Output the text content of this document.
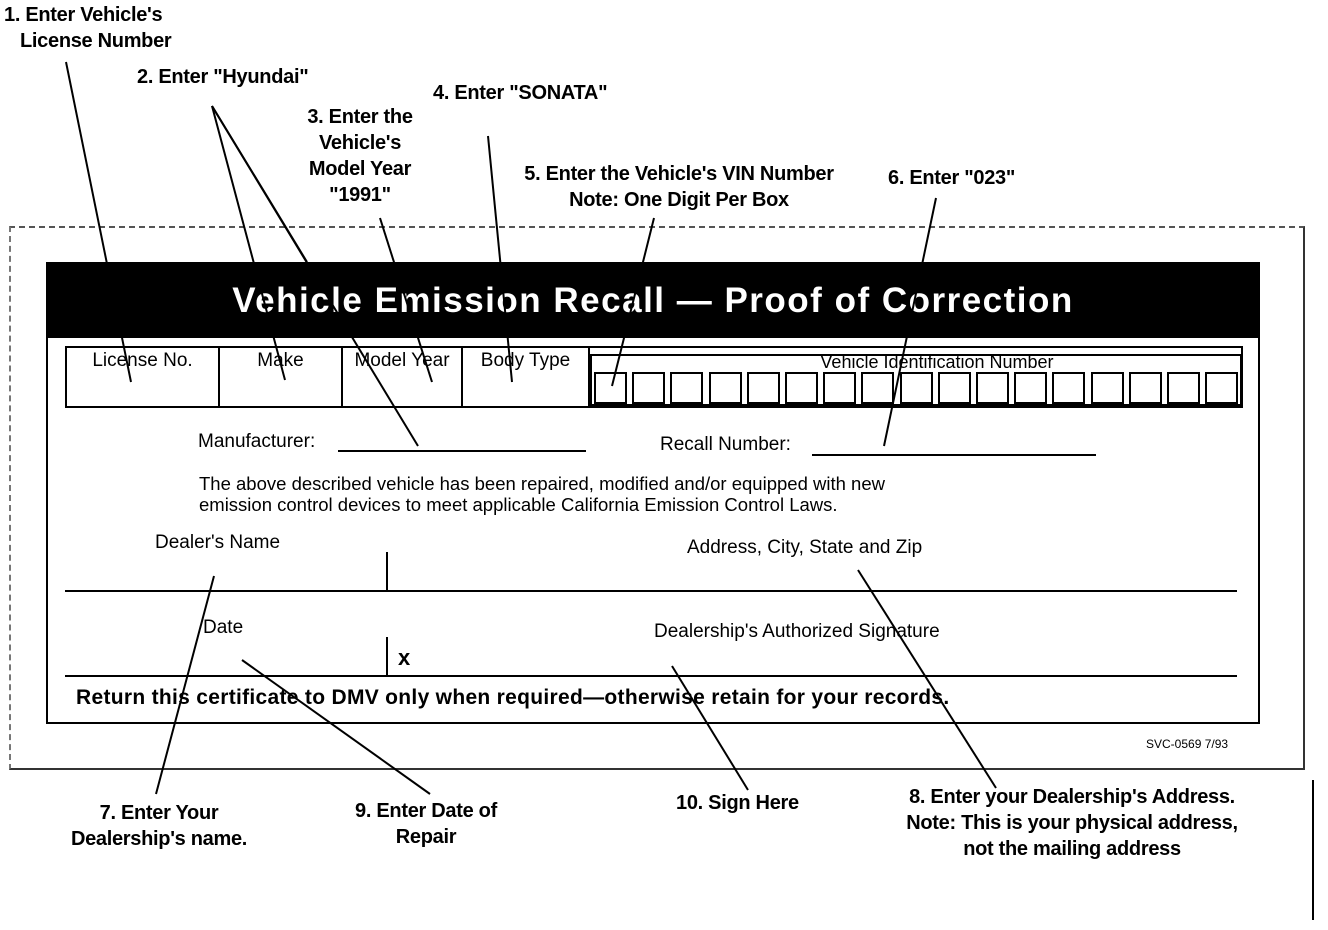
Vehicle Emission Recall — Proof of Correction
License No.	Make	Model Year	Body Type	Vehicle Identification Number
Manufacturer:	Recall Number:
The above described vehicle has been repaired, modified and/or equipped with new
emission control devices to meet applicable California Emission Control Laws.
Dealer's Name	Address, City, State and Zip
Date	Dealership's Authorized Signature
x
Return this certificate to DMV only when required—otherwise retain for your records.
SVC-0569 7/93
1. Enter Vehicle's
License Number
2. Enter "Hyundai"
3. Enter the
Vehicle's
Model Year
"1991"
4. Enter "SONATA"
5. Enter the Vehicle's VIN Number
Note: One Digit Per Box
6. Enter "023"
7. Enter Your
Dealership's name.
9. Enter Date of
Repair
10. Sign Here	8. Enter your Dealership's Address.
Note: This is your physical address,
not the mailing address
